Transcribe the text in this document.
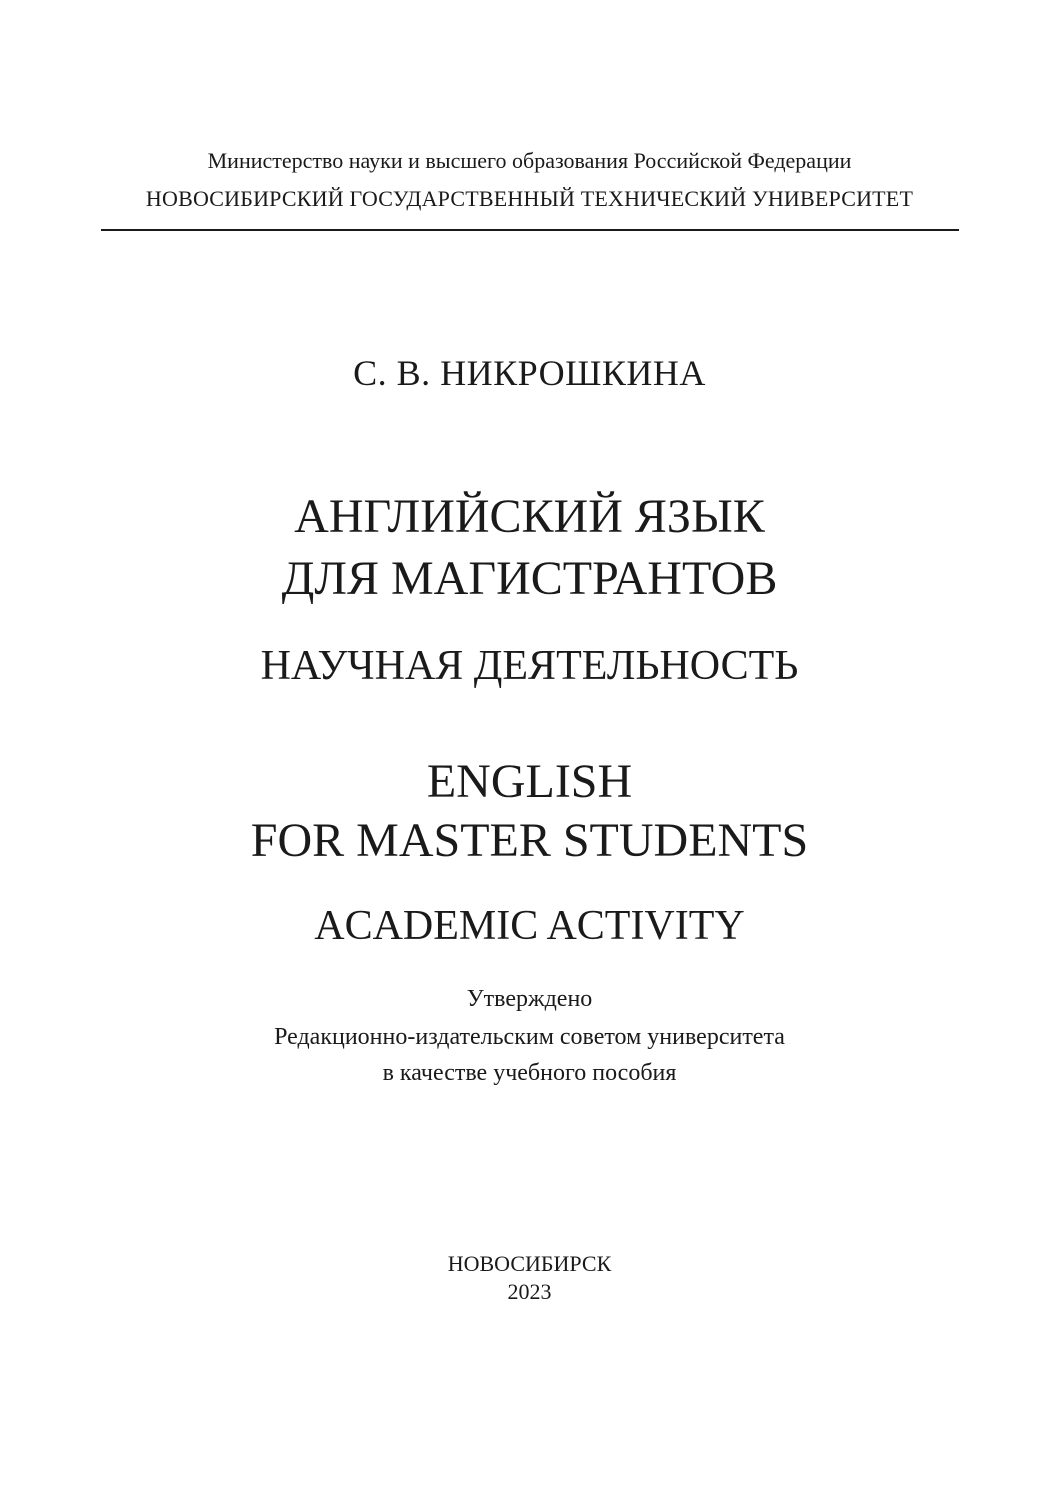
Министерство науки и высшего образования Российской Федерации
НОВОСИБИРСКИЙ ГОСУДАРСТВЕННЫЙ ТЕХНИЧЕСКИЙ УНИВЕРСИТЕТ
С. В. НИКРОШКИНА
АНГЛИЙСКИЙ ЯЗЫК
ДЛЯ МАГИСТРАНТОВ
НАУЧНАЯ ДЕЯТЕЛЬНОСТЬ
ENGLISH
FOR MASTER STUDENTS
ACADEMIC ACTIVITY
Утверждено
Редакционно-издательским советом университета
в качестве учебного пособия
НОВОСИБИРСК
2023
